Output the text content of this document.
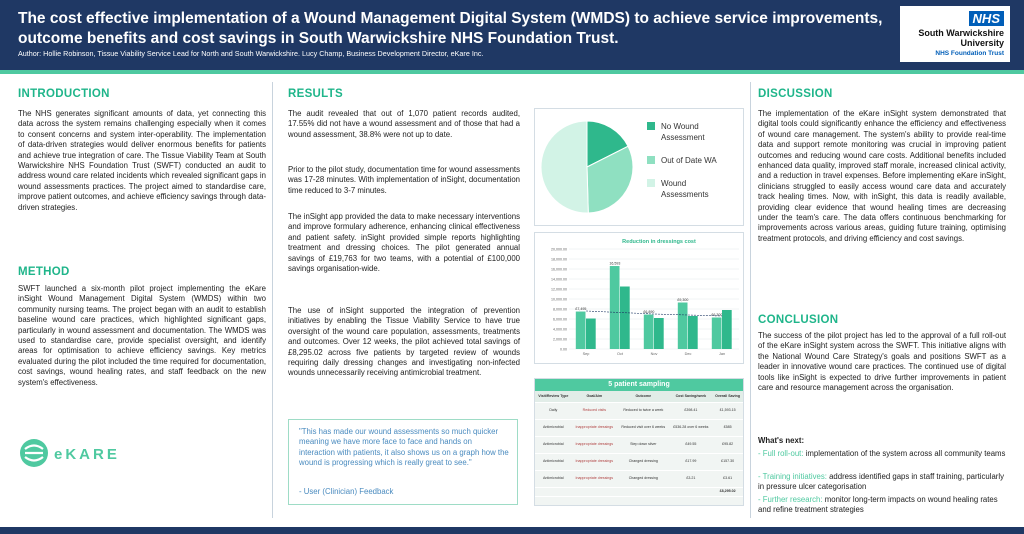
The cost effective implementation of a Wound Management Digital System (WMDS) to achieve service improvements, outcome benefits and cost savings in South Warwickshire NHS Foundation Trust.
Author: Hollie Robinson, Tissue Viability Service Lead for North and South Warwickshire. Lucy Champ, Business Development Director, eKare Inc.
NHS
South Warwickshire
University
NHS Foundation Trust
INTRODUCTION
The NHS generates significant amounts of data, yet connecting this data across the system remains challenging especially when it comes to consent concerns and system inter-operability. The implementation of data-driven strategies would deliver enormous benefits for patients and achieve true integration of care. The Tissue Viability Team at South Warwickshire NHS Foundation Trust (SWFT) conducted an audit to address wound care related incidents which revealed significant gaps in wound assessments practices. The project aimed to standardise care, improve patient outcomes, and achieve efficiency savings through data-driven strategies.
METHOD
SWFT launched a six-month pilot project implementing the eKare inSight Wound Management Digital System (WMDS) within two community nursing teams. The project began with an audit to establish baseline wound care practices, which highlighted significant gaps, particularly in wound assessment and documentation. The WMDS was used to standardise care, provide specialist oversight, and identify areas for optimisation to achieve efficiency savings. Key metrics evaluated during the pilot included the time required for documentation, cost savings, wound healing rates, and staff feedback on the new system's effectiveness.
eKARE
RESULTS
The audit revealed that out of 1,070 patient records audited, 17.55% did not have a wound assessment and of those that had a wound assessment, 38.8% were not up to date.
Prior to the pilot study, documentation time for wound assessments was 17-28 minutes. With implementation of inSight, documentation time reduced to 3-7 minutes.
The inSight app provided the data to make necessary interventions and improve formulary adherence, enhancing clinical effectiveness and patient safety. inSight provided simple reports highlighting treatment and dressing choices. The pilot generated annual savings of £19,763 for two teams, with a potential of £100,000 savings organisation-wide.
The use of inSight supported the integration of prevention initiatives by enabling the Tissue Viability Service to have true oversight of the wound care population, assessments, treatments and outcomes. Over 12 weeks, the pilot achieved total savings of £8,295.02 across five patients by targeted review of wounds requiring daily dressing changes and investigating non-infected wounds unnecessarily receiving antimicrobial treatment.
"This has made our wound assessments so much quicker meaning we have more face to face and hands on interaction with patients, it also shows us on a graph how the wound is progressing which is really great to see."
- User (Clinician) Feedback
No Wound
Assessment
Out of Date WA
Wound
Assessments
Reduction in dressings cost
0.00
2,000.00
4,000.00
6,000.00
8,000.00
10,000.00
12,000.00
14,000.00
16,000.00
18,000.00
20,000.00
£7,495
Sep
16,593
Oct
£6,890
Nov
£9,300
Dec
£6,300
Jan
5 patient sampling
Visit/Review Type	Goal/Aim	Outcome	Cost Saving/week	Overall Saving
Daily	Reduced visits	Reduced to twice a week	£398.41	£1,593.15
Antimicrobial	Inappropriate dressings	Reduced visit over 6 weeks	£536.28 over 6 weeks	£585
Antimicrobial	Inappropriate dressings	Step down silver	£49.55	£95.82
Antimicrobial	Inappropriate dressings	Changed dressing	£17.99	£157.30
Antimicrobial	Inappropriate dressings	Changed dressing	£3.21	£3.61
				£8,295.02
DISCUSSION
The implementation of the eKare inSight system demonstrated that digital tools could significantly enhance the efficiency and effectiveness of wound care management. The system's ability to provide real-time data and support remote monitoring was crucial in improving patient outcomes and reducing wound care costs. Additional benefits included enhanced data quality, improved staff morale, increased clinical activity, and a reduction in travel expenses. Before implementing eKare inSight, clinicians struggled to easily access wound care data and accurately track healing times. Now, with inSight, this data is readily available, providing clear evidence that wound healing times are decreasing under the team's care. The data offers continuous benchmarking for improvements across various areas, guiding future training, optimising treatment protocols, and driving efficiency and cost savings.
CONCLUSION
The success of the pilot project has led to the approval of a full roll-out of the eKare inSight system across the SWFT. This initiative aligns with the National Wound Care Strategy's goals and positions SWFT as a leader in innovative wound care practices. The continued use of digital tools like inSight is expected to drive further improvements in patient care and resource management across the organisation.
What's next:
- Full roll-out: implementation of the system across all community teams
- Training initiatives: address identified gaps in staff training, particularly in pressure ulcer categorisation
- Further research: monitor long-term impacts on wound healing rates and refine treatment strategies
